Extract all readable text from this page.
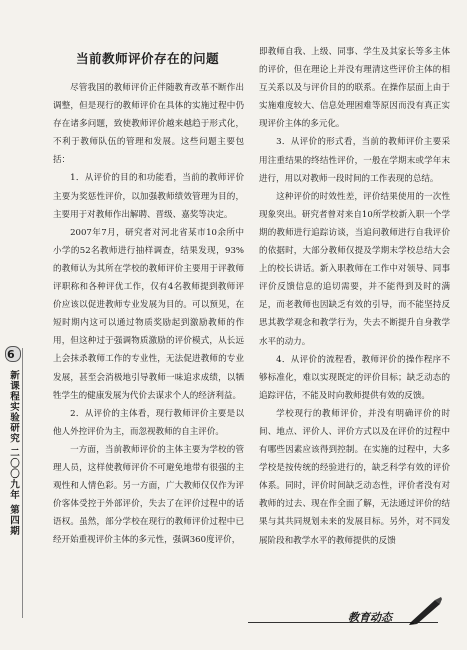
当前教师评价存在的问题

尽管我国的教师评价正伴随教育改革不断作出调整，但是现行的教师评价在具体的实施过程中仍存在诸多问题，致使教师评价越来越趋于形式化，不利于教师队伍的管理和发展。这些问题主要包括：

1．从评价的目的和功能看，当前的教师评价主要为奖惩性评价，以加强教师绩效管理为目的，主要用于对教师作出解聘、晋级、嘉奖等决定。

2007年7月，研究者对河北省某市10余所中小学的52名教师进行抽样调查，结果发现，93%的教师认为其所在学校的教师评价主要用于评教师评职称和各种评优工作，仅有4名教师提到教师评价应该以促进教师专业发展为目的。可以预见，在短时期内这可以通过物质奖励起到激励教师的作用，但这种过于强调物质激励的评价模式，从长远上会抹杀教师工作的专业性，无法促进教师的专业发展，甚至会消极地引导教师一味追求成绩，以牺牲学生的健康发展为代价去谋求个人的经济利益。

2．从评价的主体看，现行教师评价主要是以他人外控评价为主，而忽视教师的自主评价。

一方面，当前教师评价的主体主要为学校的管理人员，这样使教师评价不可避免地带有很强的主观性和人情色彩。另一方面，广大教师仅仅作为评价客体受控于外部评价，失去了在评价过程中的话语权。虽然，部分学校在现行的教师评价过程中已经开始重视评价主体的多元性，强调360度评价，

即教师自我、上级、同事、学生及其家长等多主体的评价，但在理论上并没有理清这些评价主体的相互关系以及与评价目的的联系。在操作层面上由于实施难度较大、信息处理困难等原因而没有真正实现评价主体的多元化。

3．从评价的形式看，当前的教师评价主要采用注重结果的终结性评价，一般在学期末或学年末进行，用以对教师一段时间的工作表现的总结。

这种评价的时效性差，评价结果使用的一次性现象突出。研究者曾对来自10所学校新入职一个学期的教师进行追踪访谈，当追问教师进行自我评价的依据时，大部分教师仅提及学期末学校总结大会上的校长讲话。新入职教师在工作中对领导、同事评价反馈信息的追切需要，并不能得到及时的满足，而老教师也因缺乏有效的引导，而不能坚持反思其教学观念和教学行为，失去不断提升自身教学水平的动力。

4．从评价的流程看，教师评价的操作程序不够标准化，难以实现既定的评价目标；缺乏动态的追踪评估，不能及时向教师提供有效的反馈。

学校现行的教师评价，并没有明确评价的时间、地点、评价人、评价方式以及在评价的过程中有哪些因素应该得到控制。在实施的过程中，大多学校是按传统的经验进行的，缺乏科学有效的评价体系。同时，评价时间缺乏动态性，评价者没有对教师的过去、现在作全面了解，无法通过评价的结果与其共同规划未来的发展目标。另外，对不同发展阶段和教学水平的教师提供的反馈

6
新课程实验研究 二〇〇九年 第四期
教育动态
